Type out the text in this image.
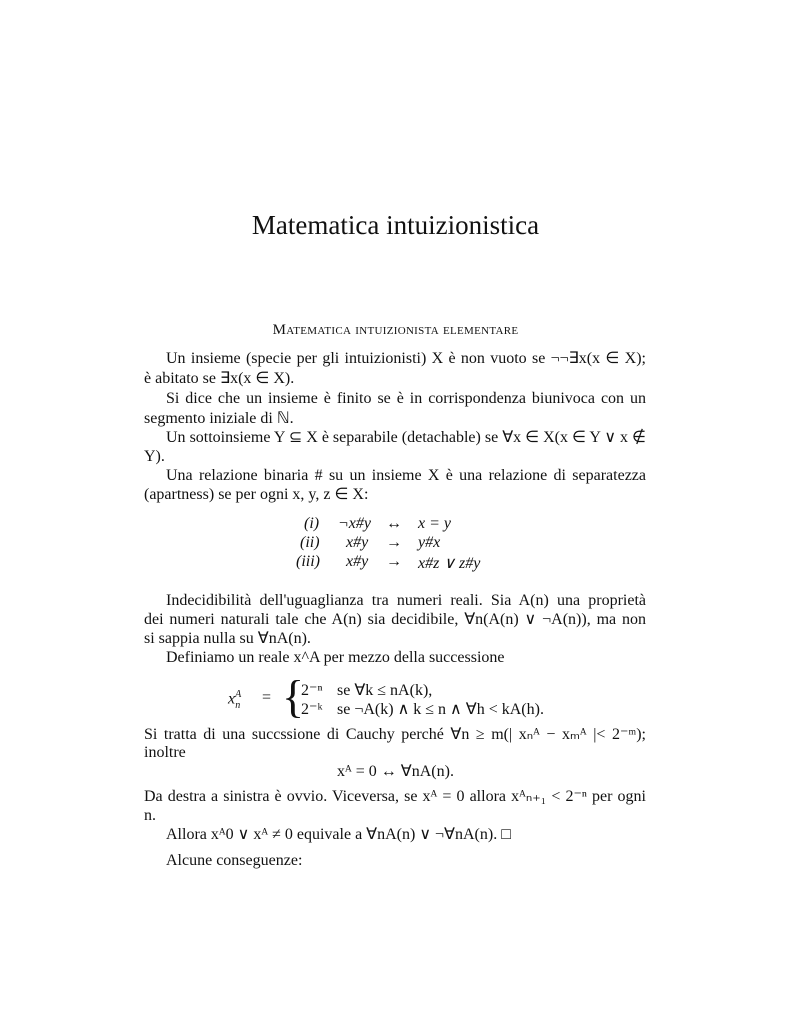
Matematica intuizionistica
Matematica intuizionista elementare
Un insieme (specie per gli intuizionisti) X è non vuoto se ¬¬∃x(x ∈ X);
è abitato se ∃x(x ∈ X).
Si dice che un insieme è finito se è in corrispondenza biunivoca con un
segmento iniziale di ℕ.
Un sottoinsieme Y ⊆ X è separabile (detachable) se ∀x ∈ X(x ∈ Y ∨ x ∉
Y).
Una relazione binaria # su un insieme X è una relazione di separatezza
(apartness) se per ogni x, y, z ∈ X:
(i) ¬x#y ↔ x = y
(ii) x#y → y#x
(iii) x#y → x#z ∨ z#y
Indecidibilità dell'uguaglianza tra numeri reali. Sia A(n) una proprietà
dei numeri naturali tale che A(n) sia decidibile, ∀n(A(n) ∨ ¬A(n)), ma non
si sappia nulla su ∀nA(n).
Definiamo un reale x^A per mezzo della successione
$x^A_n$ = {
2⁻ⁿ se ∀k ≤ nA(k),
2⁻ᵏ se ¬A(k) ∧ k ≤ n ∧ ∀h < kA(h).
Si tratta di una succssione di Cauchy perché ∀n ≥ m(| xₙᴬ − xₘᴬ |< 2⁻ᵐ);
inoltre
xᴬ = 0 ↔ ∀nA(n).
Da destra a sinistra è ovvio. Viceversa, se xᴬ = 0 allora xᴬₙ₊₁ < 2⁻ⁿ per ogni
n.
Allora xᴬ0 ∨ xᴬ ≠ 0 equivale a ∀nA(n) ∨ ¬∀nA(n). □
Alcune conseguenze:
